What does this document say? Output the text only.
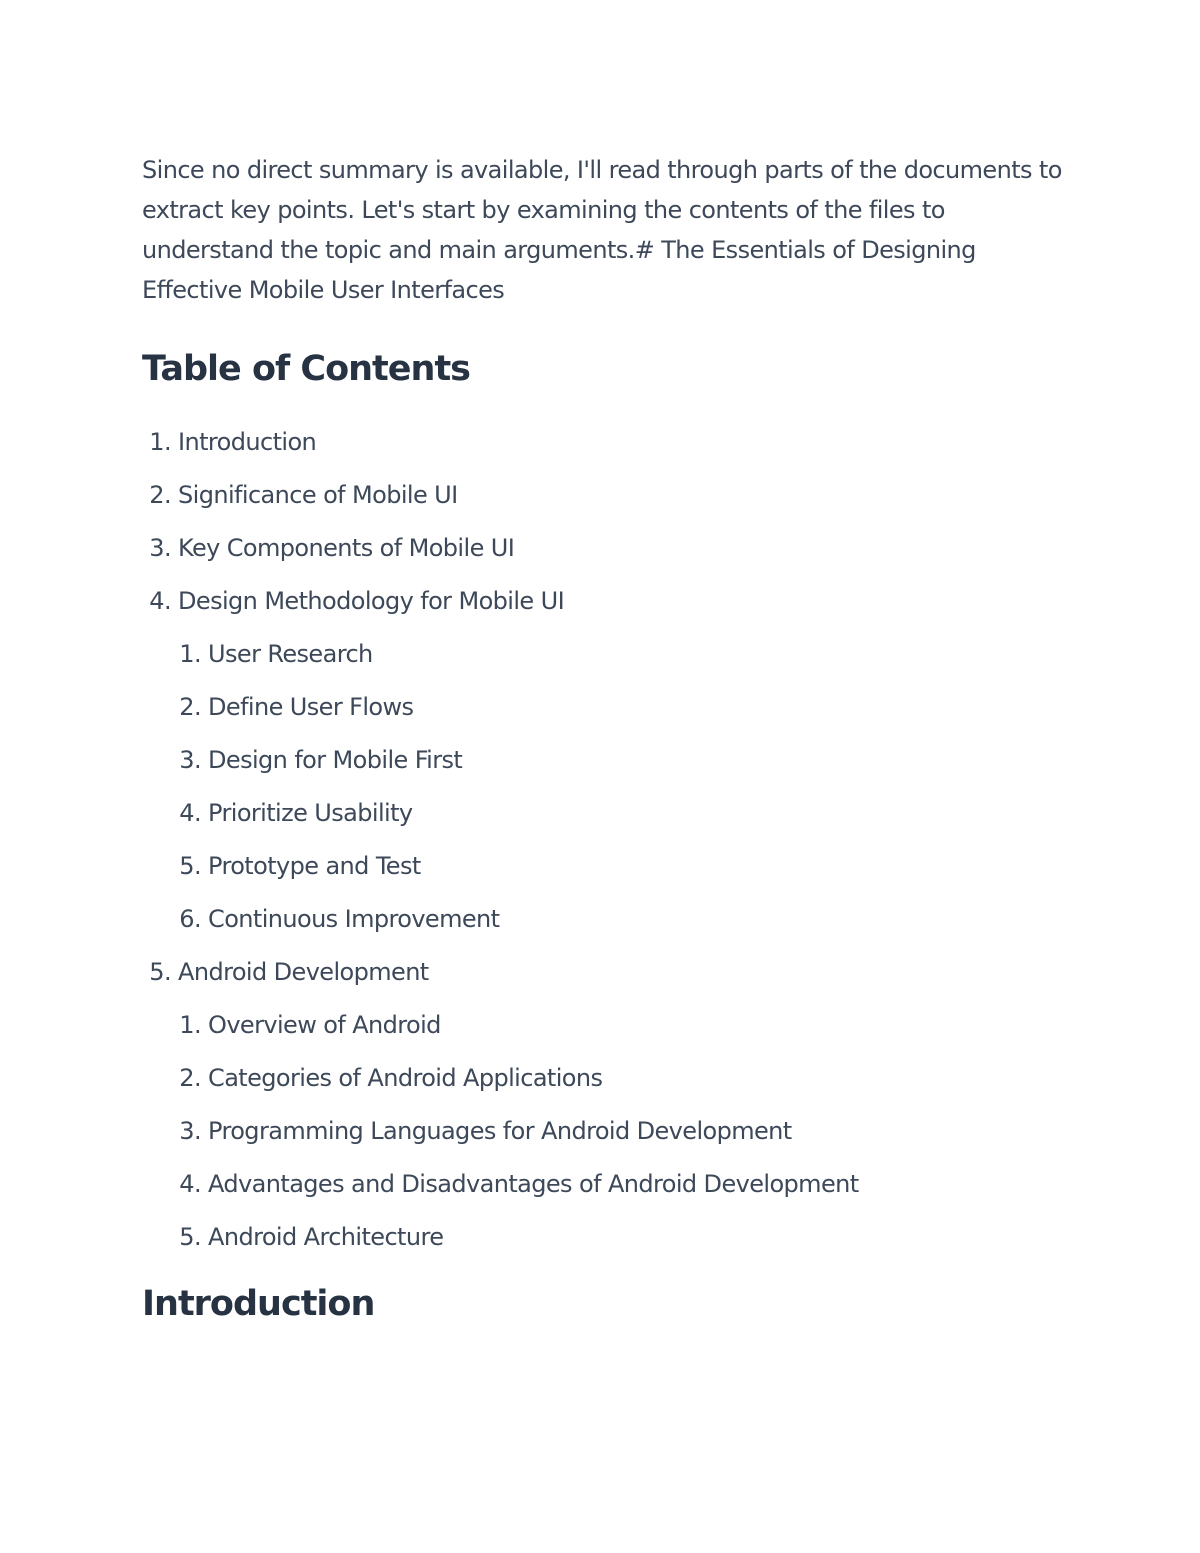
Since no direct summary is available, I'll read through parts of the documents to extract key points. Let's start by examining the contents of the files to understand the topic and main arguments.# The Essentials of Designing Effective Mobile User Interfaces

Table of Contents
1. Introduction
2. Significance of Mobile UI
3. Key Components of Mobile UI
4. Design Methodology for Mobile UI
1. User Research
2. Define User Flows
3. Design for Mobile First
4. Prioritize Usability
5. Prototype and Test
6. Continuous Improvement
5. Android Development
1. Overview of Android
2. Categories of Android Applications
3. Programming Languages for Android Development
4. Advantages and Disadvantages of Android Development
5. Android Architecture
Introduction
